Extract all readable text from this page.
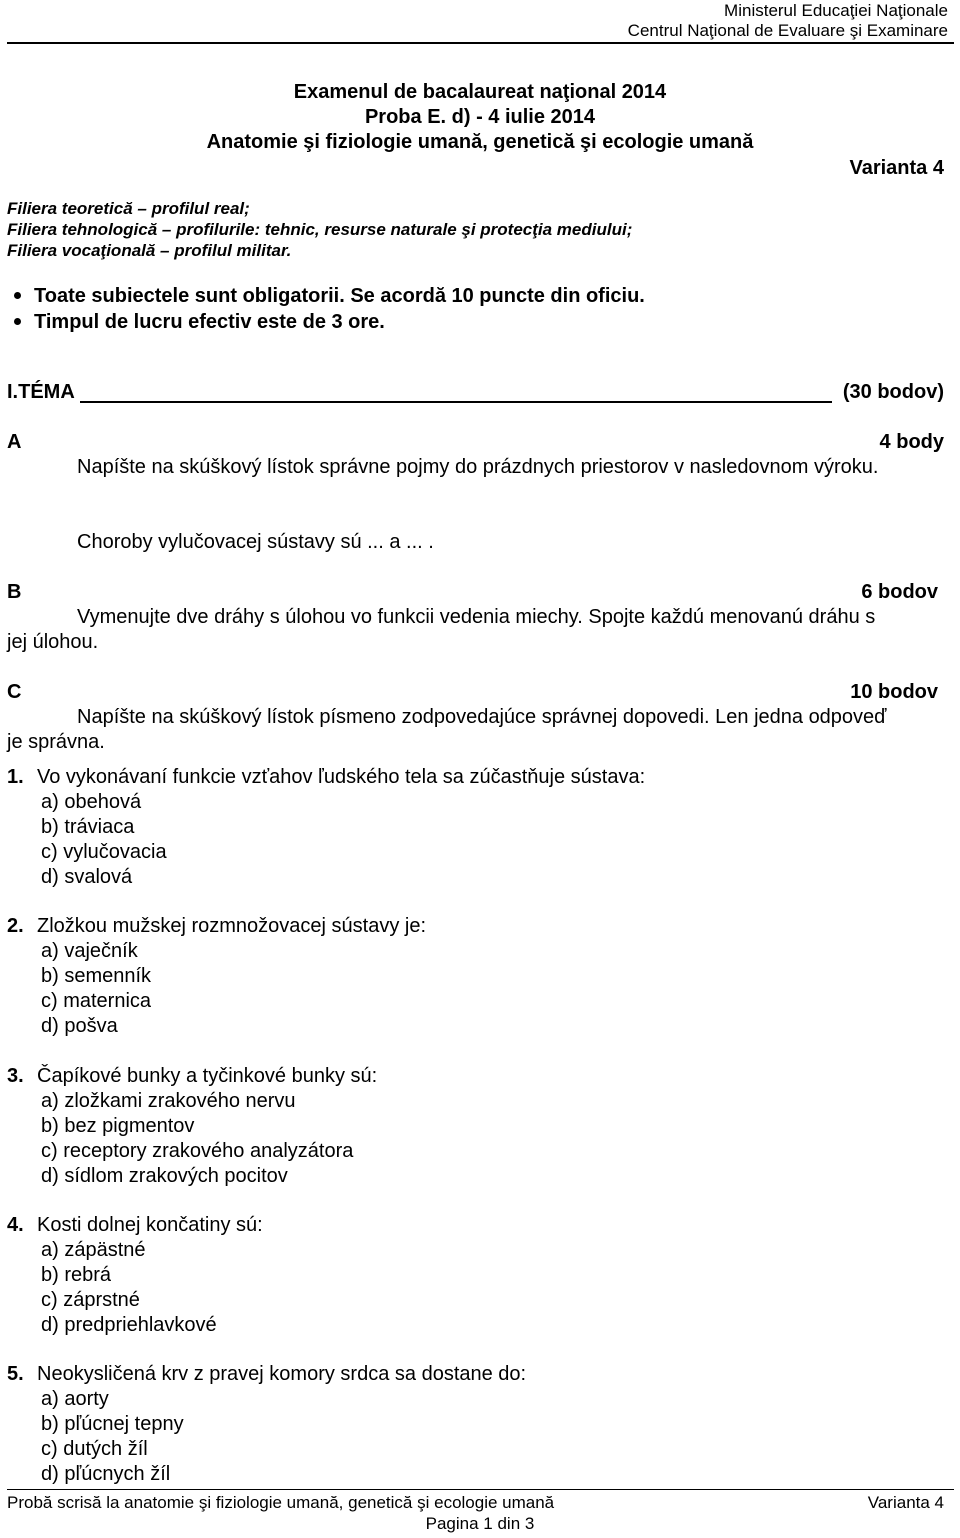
Ministerul Educaţiei Naţionale
Centrul Naţional de Evaluare şi Examinare
Examenul de bacalaureat naţional 2014
Proba E. d) - 4 iulie 2014
Anatomie şi fiziologie umană, genetică şi ecologie umană
Varianta 4
Filiera teoretică – profilul real;
Filiera tehnologică – profilurile: tehnic, resurse naturale şi protecţia mediului;
Filiera vocaţională – profilul militar.
Toate subiectele sunt obligatorii. Se acordă 10 puncte din oficiu.
Timpul de lucru efectiv este de 3 ore.
I.TÉMA	(30 bodov)
A	4 body
Napíšte na skúškový lístok správne pojmy do prázdnych priestorov v nasledovnom výroku.
Choroby vylučovacej sústavy sú ... a ... .
B	6 bodov
Vymenujte dve dráhy s úlohou vo funkcii vedenia miechy. Spojte každú menovanú dráhu s
jej úlohou.
C	10 bodov
Napíšte na skúškový lístok písmeno zodpovedajúce správnej dopovedi. Len jedna odpoveď
je správna.
1. Vo vykonávaní funkcie vzťahov ľudského tela sa zúčastňuje sústava:
a) obehová
b) tráviaca
c) vylučovacia
d) svalová
2. Zložkou mužskej rozmnožovacej sústavy je:
a) vaječník
b) semenník
c) maternica
d) pošva
3. Čapíkové bunky a tyčinkové bunky sú:
a) zložkami zrakového nervu
b) bez pigmentov
c) receptory zrakového analyzátora
d) sídlom zrakových pocitov
4. Kosti dolnej končatiny sú:
a) zápästné
b) rebrá
c) záprstné
d) predpriehlavkové
5. Neokysličená krv z pravej komory srdca sa dostane do:
a) aorty
b) pľúcnej tepny
c) dutých žíl
d) pľúcnych žíl
Probă scrisă la anatomie şi fiziologie umană, genetică şi ecologie umană	Varianta 4
Pagina 1 din 3
